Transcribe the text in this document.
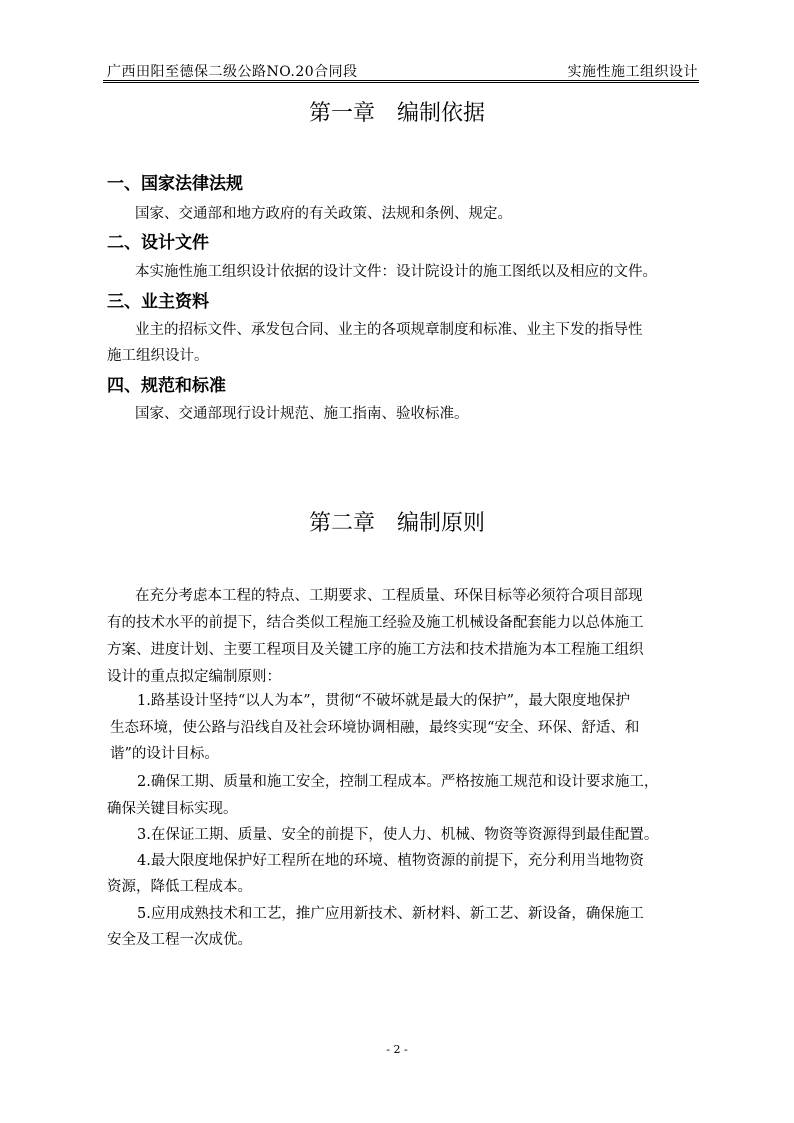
广西田阳至德保二级公路NO.20合同段	实施性施工组织设计
第一章　编制依据
一、国家法律法规
国家、交通部和地方政府的有关政策、法规和条例、规定。
二、设计文件
本实施性施工组织设计依据的设计文件：设计院设计的施工图纸以及相应的文件。
三、业主资料
业主的招标文件、承发包合同、业主的各项规章制度和标准、业主下发的指导性
施工组织设计。
四、规范和标准
国家、交通部现行设计规范、施工指南、验收标准。
第二章　编制原则
在充分考虑本工程的特点、工期要求、工程质量、环保目标等必须符合项目部现
有的技术水平的前提下，结合类似工程施工经验及施工机械设备配套能力以总体施工
方案、进度计划、主要工程项目及关键工序的施工方法和技术措施为本工程施工组织
设计的重点拟定编制原则：
1.路基设计坚持“以人为本”，贯彻“不破坏就是最大的保护”，最大限度地保护
生态环境，使公路与沿线自及社会环境协调相融，最终实现“安全、环保、舒适、和
谐”的设计目标。
2.确保工期、质量和施工安全，控制工程成本。严格按施工规范和设计要求施工，
确保关键目标实现。
3.在保证工期、质量、安全的前提下，使人力、机械、物资等资源得到最佳配置。
4.最大限度地保护好工程所在地的环境、植物资源的前提下，充分利用当地物资
资源，降低工程成本。
5.应用成熟技术和工艺，推广应用新技术、新材料、新工艺、新设备，确保施工
安全及工程一次成优。
- 2 -
